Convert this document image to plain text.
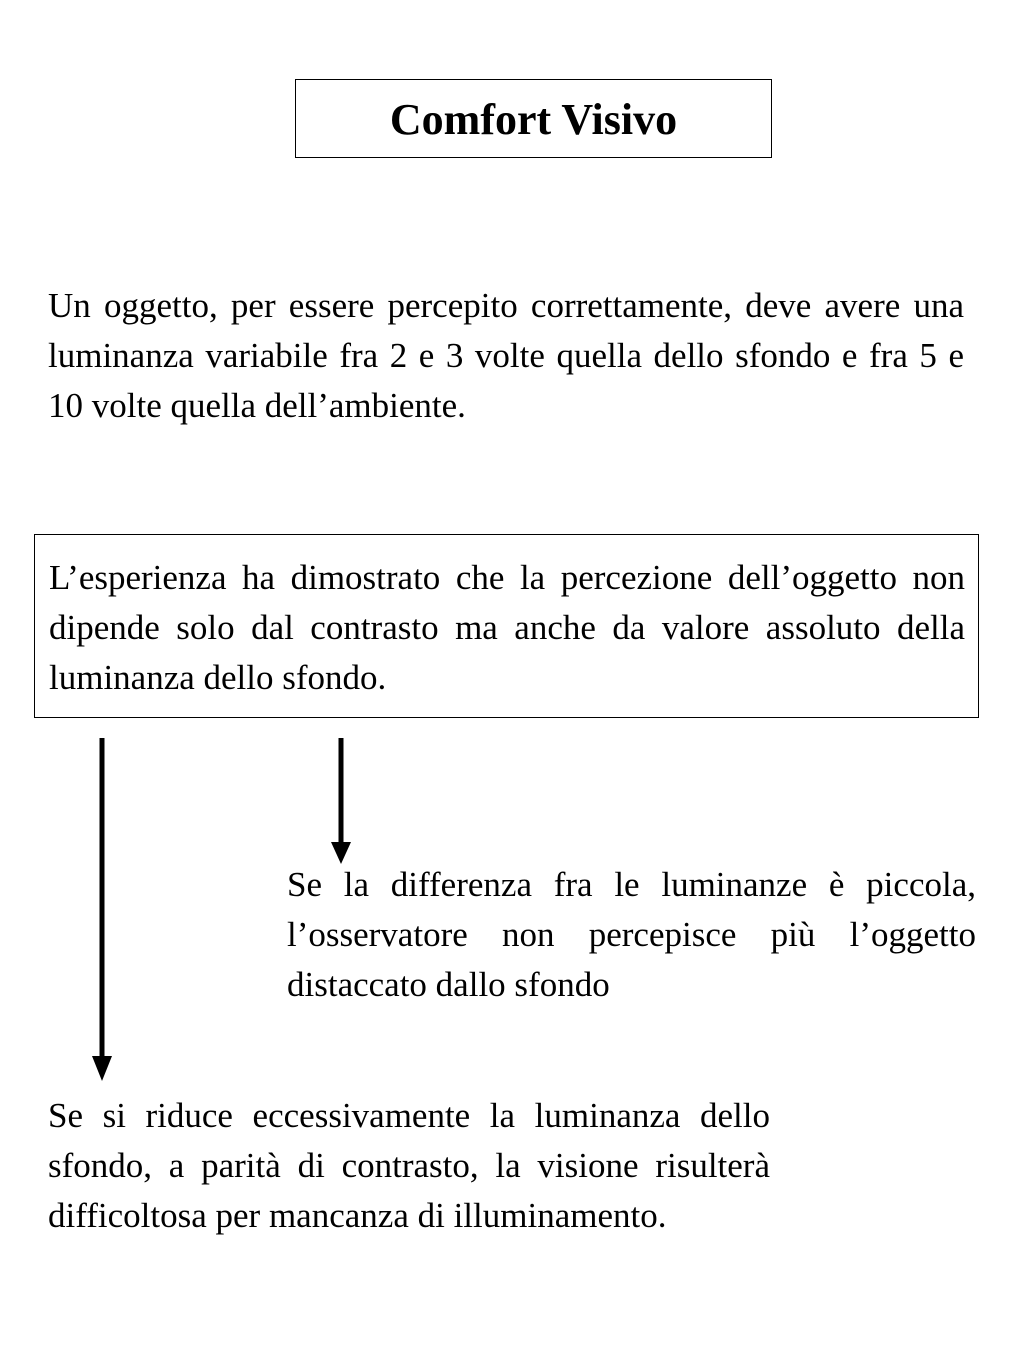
Comfort Visivo

Un oggetto, per essere percepito correttamente, deve avere una luminanza variabile fra 2 e 3 volte quella dello sfondo e fra 5 e 10 volte quella dell’ambiente.

L’esperienza ha dimostrato che la percezione dell’oggetto non dipende solo dal contrasto ma anche da valore assoluto della luminanza dello sfondo.

Se la differenza fra le luminanze è piccola, l’osservatore non percepisce più l’oggetto distaccato dallo sfondo

Se si riduce eccessivamente la luminanza dello sfondo, a parità di contrasto, la visione risulterà difficoltosa per mancanza di illuminamento.
